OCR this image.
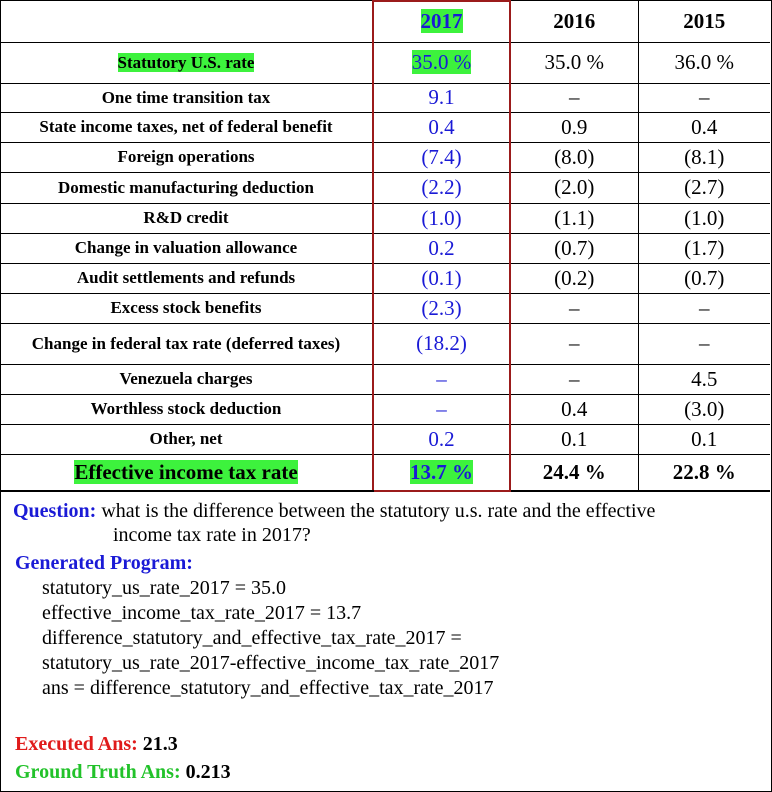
	2017	2016	2015
Statutory U.S. rate	35.0 %	35.0 %	36.0 %
One time transition tax	9.1	–	–
State income taxes, net of federal benefit	0.4	0.9	0.4
Foreign operations	(7.4)	(8.0)	(8.1)
Domestic manufacturing deduction	(2.2)	(2.0)	(2.7)
R&D credit	(1.0)	(1.1)	(1.0)
Change in valuation allowance	0.2	(0.7)	(1.7)
Audit settlements and refunds	(0.1)	(0.2)	(0.7)
Excess stock benefits	(2.3)	–	–
Change in federal tax rate (deferred taxes)	(18.2)	–	–
Venezuela charges	–	–	4.5
Worthless stock deduction	–	0.4	(3.0)
Other, net	0.2	0.1	0.1
Effective income tax rate	13.7 %	24.4 %	22.8 %
Question: what is the difference between the statutory u.s. rate and the effective
income tax rate in 2017?
Generated Program:
statutory_us_rate_2017 = 35.0
effective_income_tax_rate_2017 = 13.7
difference_statutory_and_effective_tax_rate_2017 =
statutory_us_rate_2017-effective_income_tax_rate_2017
ans = difference_statutory_and_effective_tax_rate_2017
Executed Ans: 21.3
Ground Truth Ans: 0.213
